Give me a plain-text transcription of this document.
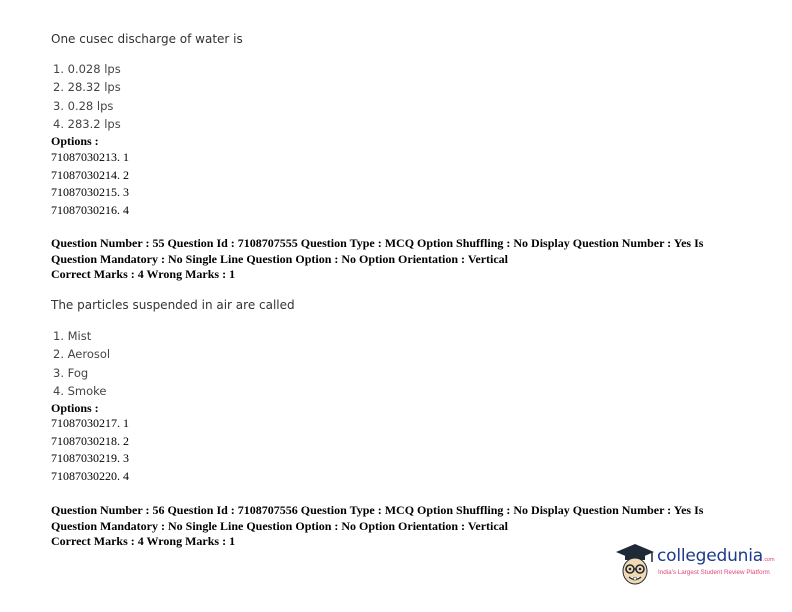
One cusec discharge of water is
1. 0.028 lps
2. 28.32 lps
3. 0.28 lps
4. 283.2 lps
Options :
71087030213. 1
71087030214. 2
71087030215. 3
71087030216. 4
Question Number : 55 Question Id : 7108707555 Question Type : MCQ Option Shuffling : No Display Question Number : Yes Is
Question Mandatory : No Single Line Question Option : No Option Orientation : Vertical
Correct Marks : 4 Wrong Marks : 1
The particles suspended in air are called
1. Mist
2. Aerosol
3. Fog
4. Smoke
Options :
71087030217. 1
71087030218. 2
71087030219. 3
71087030220. 4
Question Number : 56 Question Id : 7108707556 Question Type : MCQ Option Shuffling : No Display Question Number : Yes Is
Question Mandatory : No Single Line Question Option : No Option Orientation : Vertical
Correct Marks : 4 Wrong Marks : 1
collegedunia.com
India's Largest Student Review Platform
